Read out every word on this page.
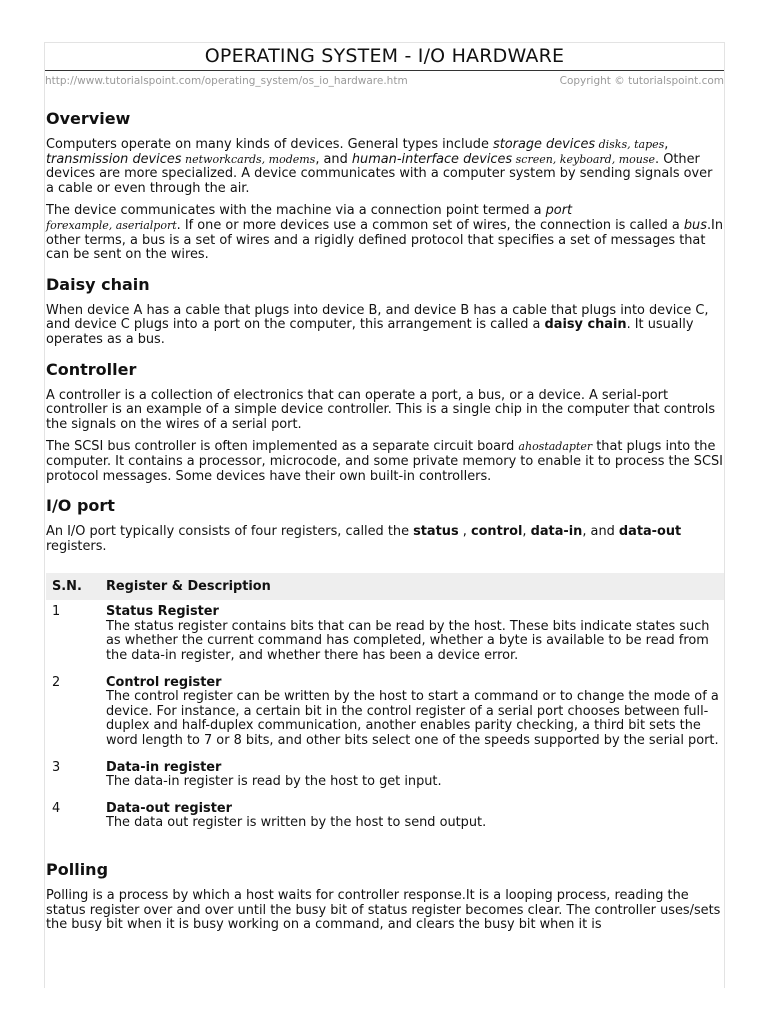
OPERATING SYSTEM - I/O HARDWARE
http://www.tutorialspoint.com/operating_system/os_io_hardware.htm	Copyright © tutorialspoint.com
Overview

Computers operate on many kinds of devices. General types include storage devices disks, tapes, transmission devices networkcards, modems, and human-interface devices screen, keyboard, mouse. Other devices are more specialized. A device communicates with a computer system by sending signals over a cable or even through the air.

The device communicates with the machine via a connection point termed a port
forexample, aserialport. If one or more devices use a common set of wires, the connection is called a bus.In other terms, a bus is a set of wires and a rigidly defined protocol that specifies a set of messages that can be sent on the wires.

Daisy chain

When device A has a cable that plugs into device B, and device B has a cable that plugs into device C, and device C plugs into a port on the computer, this arrangement is called a daisy chain. It usually operates as a bus.

Controller

A controller is a collection of electronics that can operate a port, a bus, or a device. A serial-port controller is an example of a simple device controller. This is a single chip in the computer that controls the signals on the wires of a serial port.

The SCSI bus controller is often implemented as a separate circuit board ahostadapter that plugs into the computer. It contains a processor, microcode, and some private memory to enable it to process the SCSI protocol messages. Some devices have their own built-in controllers.

I/O port

An I/O port typically consists of four registers, called the status , control, data-in, and data-out registers.

S.N.	Register & Description
1	Status Register
The status register contains bits that can be read by the host. These bits indicate states such as whether the current command has completed, whether a byte is available to be read from the data-in register, and whether there has been a device error.
2	Control register
The control register can be written by the host to start a command or to change the mode of a device. For instance, a certain bit in the control register of a serial port chooses between full-duplex and half-duplex communication, another enables parity checking, a third bit sets the word length to 7 or 8 bits, and other bits select one of the speeds supported by the serial port.
3	Data-in register
The data-in register is read by the host to get input.
4	Data-out register
The data out register is written by the host to send output.
Polling

Polling is a process by which a host waits for controller response.It is a looping process, reading the status register over and over until the busy bit of status register becomes clear. The controller uses/sets the busy bit when it is busy working on a command, and clears the busy bit when it is
